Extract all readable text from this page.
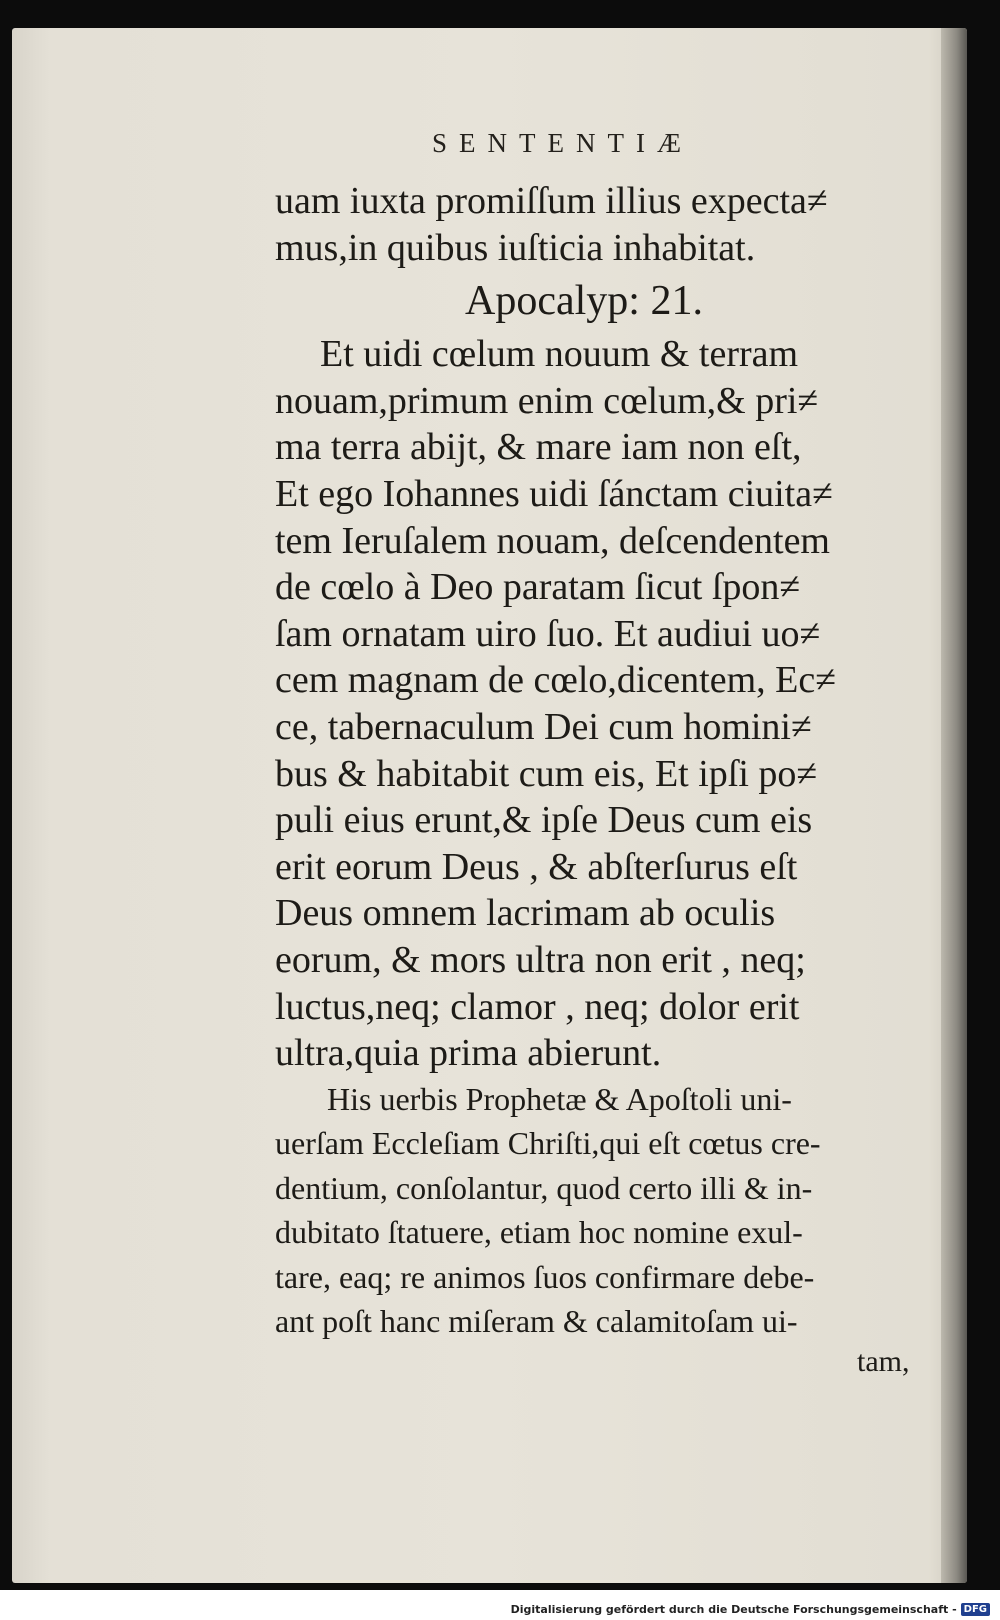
SENTENTIÆ
uam iuxta promiſſum illius expecta≠
mus,in quibus iuſticia inhabitat.
Apocalyp: 21.
Et uidi cœlum nouum & terram
nouam,primum enim cœlum,& pri≠
ma terra abijt, & mare iam non eſt,
Et ego Iohannes uidi ſánctam ciuita≠
tem Ieruſalem nouam, deſcendentem
de cœlo à Deo paratam ſicut ſpon≠
ſam ornatam uiro ſuo. Et audiui uo≠
cem magnam de cœlo,dicentem, Ec≠
ce, tabernaculum Dei cum homini≠
bus & habitabit cum eis, Et ipſi po≠
puli eius erunt,& ipſe Deus cum eis
erit eorum Deus , & abſterſurus eſt
Deus omnem lacrimam ab oculis
eorum, & mors ultra non erit , neq;
luctus,neq; clamor , neq; dolor erit
ultra,quia prima abierunt.
His uerbis Prophetæ & Apoſtoli uni-
uerſam Eccleſiam Chriſti,qui eſt cœtus cre-
dentium, conſolantur, quod certo illi & in-
dubitato ſtatuere, etiam hoc nomine exul-
tare, eaq; re animos ſuos confirmare debe-
ant poſt hanc miſeram & calamitoſam ui-
tam,
Digitalisierung gefördert durch die Deutsche Forschungsgemeinschaft - DFG
